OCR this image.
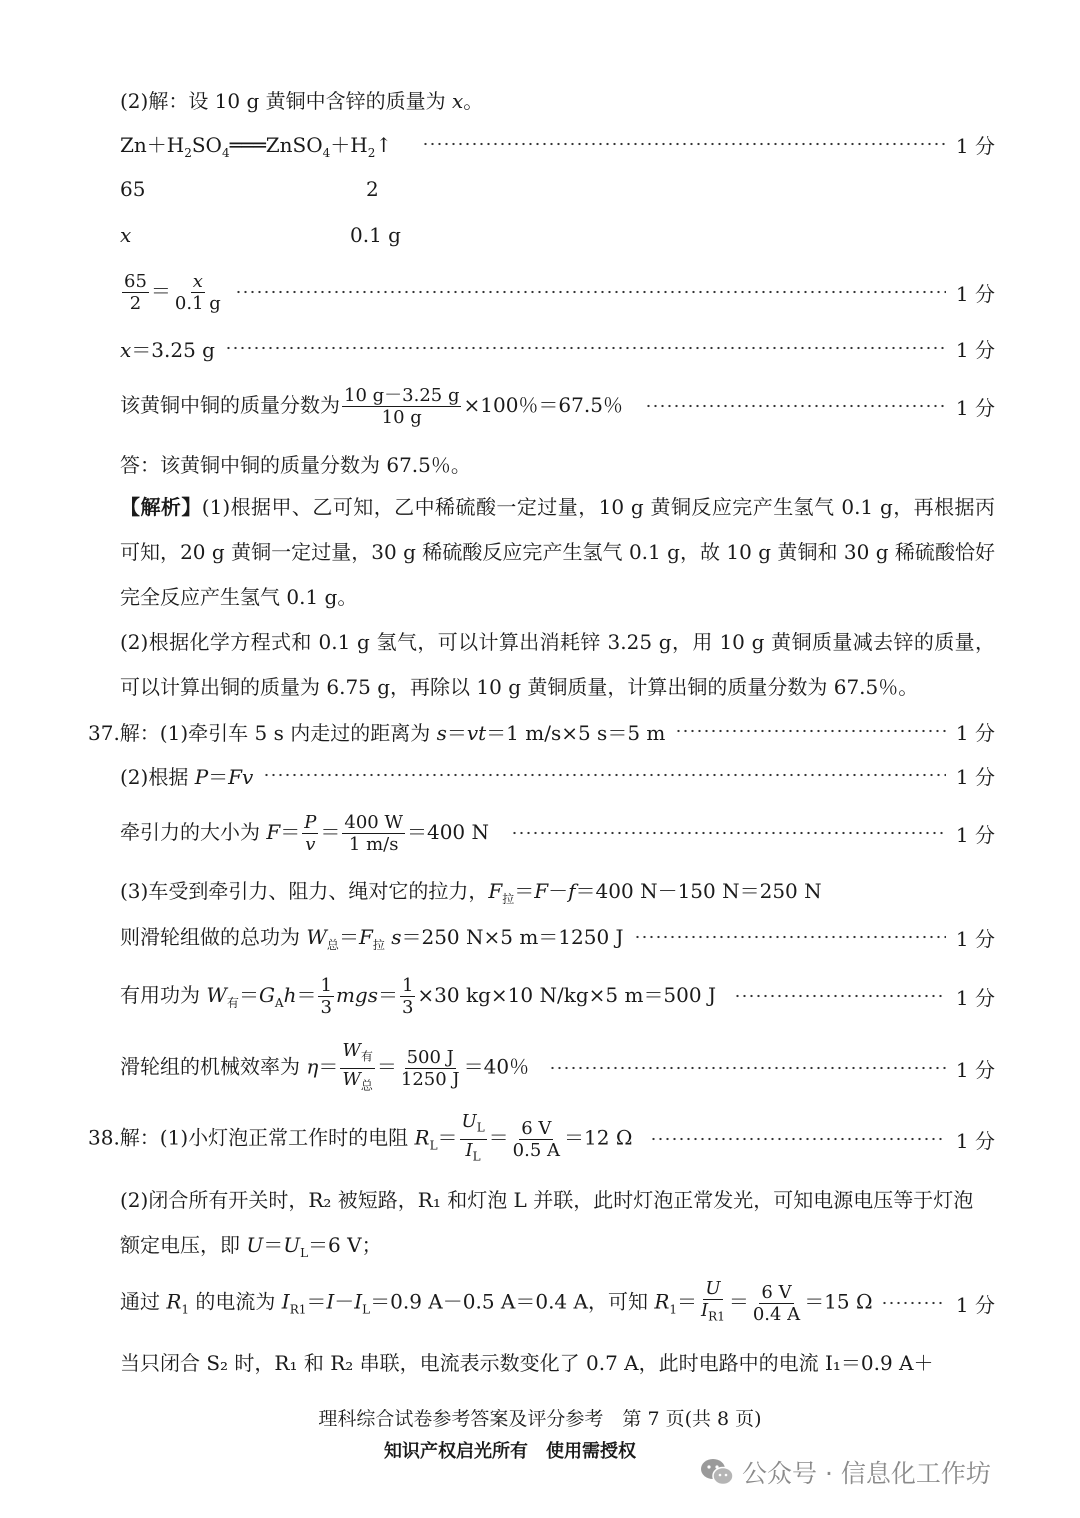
(2)解：设 10 g 黄铜中含锌的质量为 x。
$Zn+H_2SO_4═══ZnSO_4+H_2↑$	1 分
65	2
x	0.1 g
$\frac{65}{2} = \frac{x}{0.1 g}$	1 分
x＝3.25 g	1 分
该黄铜中铜的质量分数为 $\frac{10 g-3.25 g}{10 g} \times 100$％＝67.5％	1 分
答：该黄铜中铜的质量分数为 67.5％。
【解析】(1)根据甲、乙可知，乙中稀硫酸一定过量，10 g 黄铜反应完产生氢气 0.1 g，再根据丙可知，20 g 黄铜一定过量，30 g 稀硫酸反应完产生氢气 0.1 g，故 10 g 黄铜和 30 g 稀硫酸恰好完全反应产生氢气 0.1 g。
(2)根据化学方程式和 0.1 g 氢气，可以计算出消耗锌 3.25 g，用 10 g 黄铜质量减去锌的质量，可以计算出铜的质量为 6.75 g，再除以 10 g 黄铜质量，计算出铜的质量分数为 67.5％。
37.解：(1)牵引车 5 s 内走过的距离为 s＝vt＝1 m/s×5 s＝5 m	1 分
(2)根据 P＝Fv	1 分
牵引力的大小为 $F= \frac{P}{v} = \frac{400 W}{1 m/s} =400$ N	1 分
(3)车受到牵引力、阻力、绳对它的拉力，$F_拉=F-f=400$ N－150 N＝250 N
则滑轮组做的总功为 $W_总=F_拉$ s＝250 N×5 m＝1250 J	1 分
有用功为 $W_有=G_Ah= \frac{1}{3} mgs= \frac{1}{3} \times 30$ kg×10 N/kg×5 m＝500 J	1 分
滑轮组的机械效率为 $\eta= \frac{W_有}{W_总} = \frac{500 J}{1250 J} =40$％	1 分
38.解：(1)小灯泡正常工作时的电阻 $R_L= \frac{U_L}{I_L} = \frac{6 V}{0.5 A} =12$ Ω	1 分
(2)闭合所有开关时，R₂ 被短路，R₁ 和灯泡 L 并联，此时灯泡正常发光，可知电源电压等于灯泡
额定电压，即 $U=U_L=6$ V；
通过 $R_1$ 的电流为 $I_{R1}=I-I_L=0.9$ A－0.5 A＝0.4 A，可知 $R_1= \frac{U}{I_{R1}} = \frac{6 V}{0.4 A} =15$ Ω	1 分
当只闭合 S₂ 时，R₁ 和 R₂ 串联，电流表示数变化了 0.7 A，此时电路中的电流 I₁＝0.9 A＋
理科综合试卷参考答案及评分参考　第 7 页(共 8 页)
知识产权启光所有　使用需授权
公众号 · 信息化工作坊
